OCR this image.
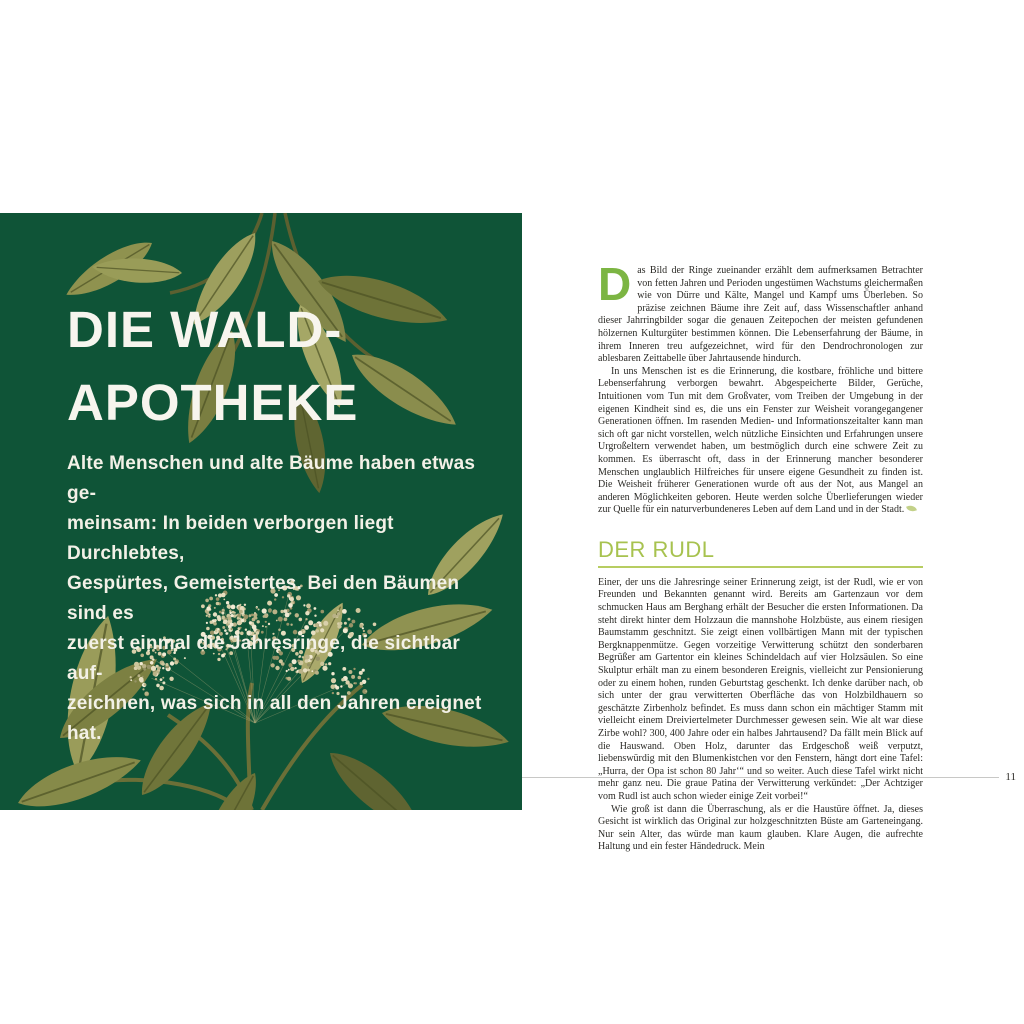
DIE WALD-
APOTHEKE
Alte Menschen und alte Bäume haben etwas ge-
meinsam: In beiden verborgen liegt Durchlebtes,
Gespürtes, Gemeistertes. Bei den Bäumen sind es
zuerst einmal die Jahresringe, die sichtbar auf-
zeichnen, was sich in all den Jahren ereignet hat.

Das Bild der Ringe zueinander erzählt dem aufmerksamen Betrachter von fetten Jahren und Perioden ungestümen Wachstums gleichermaßen wie von Dürre und Kälte, Mangel und Kampf ums Überleben. So präzise zeichnen Bäume ihre Zeit auf, dass Wissenschaftler anhand dieser Jahrringbilder sogar die genauen Zeitepochen der meisten gefundenen hölzernen Kulturgüter bestimmen können. Die Lebenserfahrung der Bäume, in ihrem Inneren treu aufgezeichnet, wird für den Dendrochronologen zur ablesbaren Zeittabelle über Jahrtausende hindurch.

In uns Menschen ist es die Erinnerung, die kostbare, fröhliche und bittere Lebenserfahrung verborgen bewahrt. Abgespeicherte Bilder, Gerüche, Intuitionen vom Tun mit dem Großvater, vom Treiben der Umgebung in der eigenen Kindheit sind es, die uns ein Fenster zur Weisheit vorangegangener Generationen öffnen. Im rasenden Medien- und Informationszeitalter kann man sich oft gar nicht vorstellen, welch nützliche Einsichten und Erfahrungen unsere Urgroßeltern verwendet haben, um bestmöglich durch eine schwere Zeit zu kommen. Es überrascht oft, dass in der Erinnerung mancher besonderer Menschen unglaublich Hilfreiches für unsere eigene Gesundheit zu finden ist. Die Weisheit früherer Generationen wurde oft aus der Not, aus Mangel an anderen Möglichkeiten geboren. Heute werden solche Überlieferungen wieder zur Quelle für ein naturverbundeneres Leben auf dem Land und in der Stadt.

DER RUDL

Einer, der uns die Jahresringe seiner Erinnerung zeigt, ist der Rudl, wie er von Freunden und Bekannten genannt wird. Bereits am Gartenzaun vor dem schmucken Haus am Berghang erhält der Besucher die ersten Informationen. Da steht direkt hinter dem Holzzaun die mannshohe Holzbüste, aus einem riesigen Baumstamm geschnitzt. Sie zeigt einen vollbärtigen Mann mit der typischen Bergknappenmütze. Gegen vorzeitige Verwitterung schützt den sonderbaren Begrüßer am Gartentor ein kleines Schindeldach auf vier Holzsäulen. So eine Skulptur erhält man zu einem besonderen Ereignis, vielleicht zur Pensionierung oder zu einem hohen, runden Geburtstag geschenkt. Ich denke darüber nach, ob sich unter der grau verwitterten Oberfläche das von Holzbildhauern so geschätzte Zirbenholz befindet. Es muss dann schon ein mächtiger Stamm mit vielleicht einem Dreiviertelmeter Durchmesser gewesen sein. Wie alt war diese Zirbe wohl? 300, 400 Jahre oder ein halbes Jahrtausend? Da fällt mein Blick auf die Hauswand. Oben Holz, darunter das Erdgeschoß weiß verputzt, liebenswürdig mit den Blumenkistchen vor den Fenstern, hängt dort eine Tafel: „Hurra, der Opa ist schon 80 Jahr‘“ und so weiter. Auch diese Tafel wirkt nicht mehr ganz neu. Die graue Patina der Verwitterung verkündet: „Der Achtziger vom Rudl ist auch schon wieder einige Zeit vorbei!“

Wie groß ist dann die Überraschung, als er die Haustüre öffnet. Ja, dieses Gesicht ist wirklich das Original zur holzgeschnitzten Büste am Garteneingang. Nur sein Alter, das würde man kaum glauben. Klare Augen, die aufrechte Haltung und ein fester Händedruck. Mein

11
